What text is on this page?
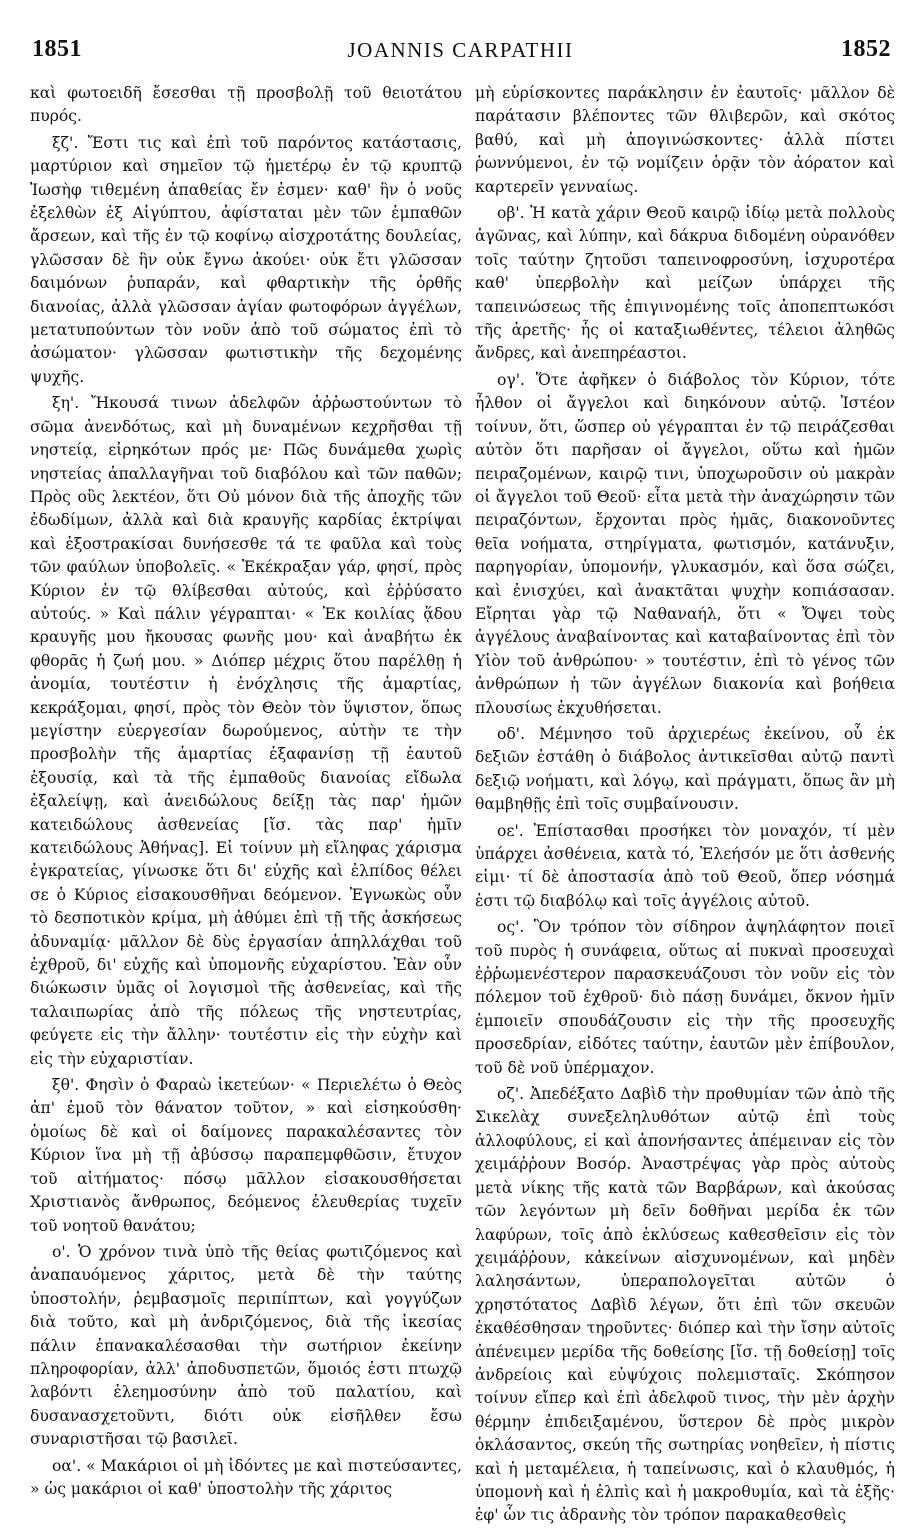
1851	JOANNIS CARPATHII	1852

καὶ φωτοειδῆ ἔσεσθαι τῇ προσβολῇ τοῦ θειοτάτου πυρός.

ξζ'. Ἔστι τις καὶ ἐπὶ τοῦ παρόντος κατάστασις, μαρτύριον καὶ σημεῖον τῷ ἡμετέρῳ ἐν τῷ κρυπτῷ Ἰωσὴφ τιθεμένη ἀπαθείας ἔν ἐσμεν· καθ' ἣν ὁ νοῦς ἐξελθὼν ἐξ Αἰγύπτου, ἀφίσταται μὲν τῶν ἐμπαθῶν ἄρσεων, καὶ τῆς ἐν τῷ κοφίνῳ αἰσχροτάτης δουλείας, γλῶσσαν δὲ ἣν οὐκ ἔγνω ἀκούει· οὐκ ἔτι γλῶσσαν δαιμόνων ῥυπαράν, καὶ φθαρτικὴν τῆς ὀρθῆς διανοίας, ἀλλὰ γλῶσσαν ἁγίαν φωτοφόρων ἀγγέλων, μετατυπούντων τὸν νοῦν ἀπὸ τοῦ σώματος ἐπὶ τὸ ἀσώματον· γλῶσσαν φωτιστικὴν τῆς δεχομένης ψυχῆς.

ξη'. Ἤκουσά τινων ἀδελφῶν ἀῤῥωστούντων τὸ σῶμα ἀνενδότως, καὶ μὴ δυναμένων κεχρῆσθαι τῇ νηστείᾳ, εἰρηκότων πρός με· Πῶς δυνάμεθα χωρὶς νηστείας ἀπαλλαγῆναι τοῦ διαβόλου καὶ τῶν παθῶν; Πρὸς οὓς λεκτέον, ὅτι Οὐ μόνον διὰ τῆς ἀποχῆς τῶν ἐδωδίμων, ἀλλὰ καὶ διὰ κραυγῆς καρδίας ἐκτρίψαι καὶ ἐξοστρακίσαι δυνήσεσθε τά τε φαῦλα καὶ τοὺς τῶν φαύλων ὑποβολεῖς. « Ἐκέκραξαν γάρ, φησί, πρὸς Κύριον ἐν τῷ θλίβεσθαι αὐτούς, καὶ ἐῤῥύσατο αὐτούς. » Καὶ πάλιν γέγραπται· « Ἐκ κοιλίας ᾅδου κραυγῆς μου ἤκουσας φωνῆς μου· καὶ ἀναβήτω ἐκ φθορᾶς ἡ ζωή μου. » Διόπερ μέχρις ὅτου παρέλθῃ ἡ ἀνομία, τουτέστιν ἡ ἐνόχλησις τῆς ἁμαρτίας, κεκράξομαι, φησί, πρὸς τὸν Θεὸν τὸν ὕψιστον, ὅπως μεγίστην εὐεργεσίαν δωρούμενος, αὐτὴν τε τὴν προσβολὴν τῆς ἁμαρτίας ἐξαφανίσῃ τῇ ἑαυτοῦ ἐξουσίᾳ, καὶ τὰ τῆς ἐμπαθοῦς διανοίας εἴδωλα ἐξαλείψῃ, καὶ ἀνειδώλους δείξῃ τὰς παρ' ἡμῶν κατειδώλους ἀσθενείας [ἴσ. τὰς παρ' ἡμῖν κατειδώλους Ἀθήνας]. Εἰ τοίνυν μὴ εἴληφας χάρισμα ἐγκρατείας, γίνωσκε ὅτι δι' εὐχῆς καὶ ἐλπίδος θέλει σε ὁ Κύριος εἰσακουσθῆναι δεόμενον. Ἐγνωκὼς οὖν τὸ δεσποτικὸν κρίμα, μὴ ἀθύμει ἐπὶ τῇ τῆς ἀσκήσεως ἀδυναμίᾳ· μᾶλλον δὲ δὺς ἐργασίαν ἀπηλλάχθαι τοῦ ἐχθροῦ, δι' εὐχῆς καὶ ὑπομονῆς εὐχαρίστου. Ἐὰν οὖν διώκωσιν ὑμᾶς οἱ λογισμοὶ τῆς ἀσθενείας, καὶ τῆς ταλαιπωρίας ἀπὸ τῆς πόλεως τῆς νηστευτρίας, φεύγετε εἰς τὴν ἄλλην· τουτέστιν εἰς τὴν εὐχὴν καὶ εἰς τὴν εὐχαριστίαν.

ξθ'. Φησὶν ὁ Φαραὼ ἱκετεύων· « Περιελέτω ὁ Θεὸς ἀπ' ἐμοῦ τὸν θάνατον τοῦτον, » καὶ εἰσηκούσθη· ὁμοίως δὲ καὶ οἱ δαίμονες παρακαλέσαντες τὸν Κύριον ἵνα μὴ τῇ ἀβύσσῳ παραπεμφθῶσιν, ἔτυχον τοῦ αἰτήματος· πόσῳ μᾶλλον εἰσακουσθήσεται Χριστιανὸς ἄνθρωπος, δεόμενος ἐλευθερίας τυχεῖν τοῦ νοητοῦ θανάτου;

ο'. Ὁ χρόνον τινὰ ὑπὸ τῆς θείας φωτιζόμενος καὶ ἀναπαυόμενος χάριτος, μετὰ δὲ τὴν ταύτης ὑποστολήν, ῥεμβασμοῖς περιπίπτων, καὶ γογγύζων διὰ τοῦτο, καὶ μὴ ἀνδριζόμενος, διὰ τῆς ἱκεσίας πάλιν ἐπανακαλέσασθαι τὴν σωτήριον ἐκείνην πληροφορίαν, ἀλλ' ἀποδυσπετῶν, ὅμοιός ἐστι πτωχῷ λαβόντι ἐλεημοσύνην ἀπὸ τοῦ παλατίου, καὶ δυσανασχετοῦντι, διότι οὐκ εἰσῆλθεν ἔσω συναριστῆσαι τῷ βασιλεῖ.

οα'. « Μακάριοι οἱ μὴ ἰδόντες με καὶ πιστεύσαντες, » ὡς μακάριοι οἱ καθ' ὑποστολὴν τῆς χάριτος

μὴ εὑρίσκοντες παράκλησιν ἐν ἑαυτοῖς· μᾶλλον δὲ παράτασιν βλέποντες τῶν θλιβερῶν, καὶ σκότος βαθύ, καὶ μὴ ἀπογινώσκοντες· ἀλλὰ πίστει ῥωννύμενοι, ἐν τῷ νομίζειν ὁρᾷν τὸν ἀόρατον καὶ καρτερεῖν γενναίως.

οβ'. Ἡ κατὰ χάριν Θεοῦ καιρῷ ἰδίῳ μετὰ πολλοὺς ἀγῶνας, καὶ λύπην, καὶ δάκρυα διδομένη οὐρανόθεν τοῖς ταύτην ζητοῦσι ταπεινοφροσύνη, ἰσχυροτέρα καθ' ὑπερβολὴν καὶ μείζων ὑπάρχει τῆς ταπεινώσεως τῆς ἐπιγινομένης τοῖς ἀποπεπτωκόσι τῆς ἀρετῆς· ἧς οἱ καταξιωθέντες, τέλειοι ἀληθῶς ἄνδρες, καὶ ἀνεπηρέαστοι.

ογ'. Ὅτε ἀφῆκεν ὁ διάβολος τὸν Κύριον, τότε ἦλθον οἱ ἄγγελοι καὶ διηκόνουν αὐτῷ. Ἰστέον τοίνυν, ὅτι, ὥσπερ οὐ γέγραπται ἐν τῷ πειράζεσθαι αὐτὸν ὅτι παρῆσαν οἱ ἄγγελοι, οὕτω καὶ ἡμῶν πειραζομένων, καιρῷ τινι, ὑποχωροῦσιν οὐ μακρὰν οἱ ἄγγελοι τοῦ Θεοῦ· εἶτα μετὰ τὴν ἀναχώρησιν τῶν πειραζόντων, ἔρχονται πρὸς ἡμᾶς, διακονοῦντες θεῖα νοήματα, στηρίγματα, φωτισμόν, κατάνυξιν, παρηγορίαν, ὑπομονήν, γλυκασμόν, καὶ ὅσα σώζει, καὶ ἐνισχύει, καὶ ἀνακτᾶται ψυχὴν κοπιάσασαν. Εἴρηται γὰρ τῷ Ναθαναήλ, ὅτι « Ὄψει τοὺς ἀγγέλους ἀναβαίνοντας καὶ καταβαίνοντας ἐπὶ τὸν Υἱὸν τοῦ ἀνθρώπου· » τουτέστιν, ἐπὶ τὸ γένος τῶν ἀνθρώπων ἡ τῶν ἀγγέλων διακονία καὶ βοήθεια πλουσίως ἐκχυθήσεται.

οδ'. Μέμνησο τοῦ ἀρχιερέως ἐκείνου, οὗ ἐκ δεξιῶν ἐστάθη ὁ διάβολος ἀντικεῖσθαι αὐτῷ παντὶ δεξιῷ νοήματι, καὶ λόγῳ, καὶ πράγματι, ὅπως ἂν μὴ θαμβηθῇς ἐπὶ τοῖς συμβαίνουσιν.

οε'. Ἐπίστασθαι προσήκει τὸν μοναχόν, τί μὲν ὑπάρχει ἀσθένεια, κατὰ τό, Ἐλεήσόν με ὅτι ἀσθενής εἰμι· τί δὲ ἀποστασία ἀπὸ τοῦ Θεοῦ, ὅπερ νόσημά ἐστι τῷ διαβόλῳ καὶ τοῖς ἀγγέλοις αὐτοῦ.

ος'. Ὃν τρόπον τὸν σίδηρον ἀψηλάφητον ποιεῖ τοῦ πυρὸς ἡ συνάφεια, οὕτως αἱ πυκναὶ προσευχαὶ ἐῤῥωμενέστερον παρασκευάζουσι τὸν νοῦν εἰς τὸν πόλεμον τοῦ ἐχθροῦ· διὸ πάσῃ δυνάμει, ὄκνον ἡμῖν ἐμποιεῖν σπουδάζουσιν εἰς τὴν τῆς προσευχῆς προσεδρίαν, εἰδότες ταύτην, ἑαυτῶν μὲν ἐπίβουλον, τοῦ δὲ νοῦ ὑπέρμαχον.

οζ'. Ἀπεδέξατο Δαβὶδ τὴν προθυμίαν τῶν ἀπὸ τῆς Σικελὰχ συνεξεληλυθότων αὐτῷ ἐπὶ τοὺς ἀλλοφύλους, εἰ καὶ ἀπονήσαντες ἀπέμειναν εἰς τὸν χειμάῤῥουν Βοσόρ. Ἀναστρέψας γὰρ πρὸς αὐτοὺς μετὰ νίκης τῆς κατὰ τῶν Βαρβάρων, καὶ ἀκούσας τῶν λεγόντων μὴ δεῖν δοθῆναι μερίδα ἐκ τῶν λαφύρων, τοῖς ἀπὸ ἐκλύσεως καθεσθεῖσιν εἰς τὸν χειμάῤῥουν, κἀκείνων αἰσχυνομένων, καὶ μηδὲν λαλησάντων, ὑπεραπολογεῖται αὐτῶν ὁ χρηστότατος Δαβὶδ λέγων, ὅτι ἐπὶ τῶν σκευῶν ἐκαθέσθησαν τηροῦντες· διόπερ καὶ τὴν ἴσην αὐτοῖς ἀπένειμεν μερίδα τῆς δοθείσης [ἴσ. τῇ δοθείσῃ] τοῖς ἀνδρείοις καὶ εὐψύχοις πολεμισταῖς. Σκόπησον τοίνυν εἴπερ καὶ ἐπὶ ἀδελφοῦ τινος, τὴν μὲν ἀρχὴν θέρμην ἐπιδειξαμένου, ὕστερον δὲ πρὸς μικρὸν ὀκλάσαντος, σκεύη τῆς σωτηρίας νοηθεῖεν, ἡ πίστις καὶ ἡ μεταμέλεια, ἡ ταπείνωσις, καὶ ὁ κλαυθμός, ἡ ὑπομονὴ καὶ ἡ ἐλπὶς καὶ ἡ μακροθυμία, καὶ τὰ ἑξῆς· ἐφ' ὧν τις ἀδρανὴς τὸν τρόπον παρακαθεσθεὶς
